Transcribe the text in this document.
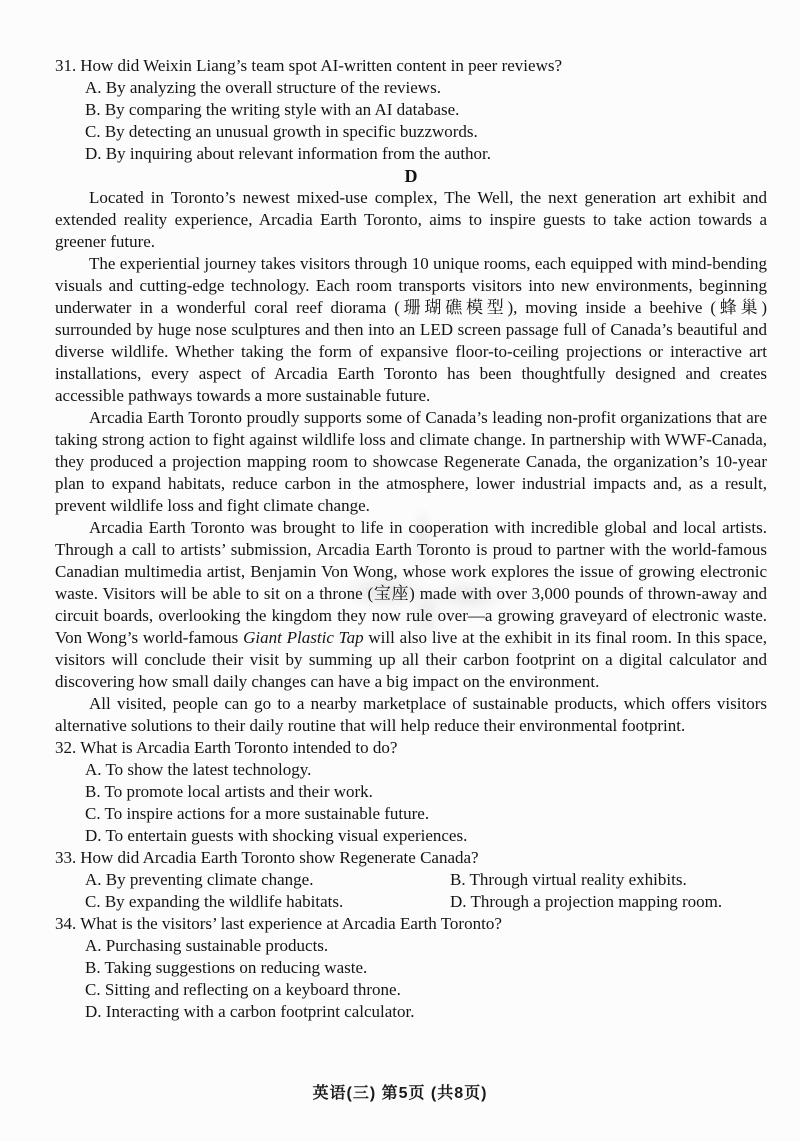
31. How did Weixin Liang’s team spot AI-written content in peer reviews?
A. By analyzing the overall structure of the reviews.
B. By comparing the writing style with an AI database.
C. By detecting an unusual growth in specific buzzwords.
D. By inquiring about relevant information from the author.
D

Located in Toronto’s newest mixed-use complex, The Well, the next generation art exhibit and extended reality experience, Arcadia Earth Toronto, aims to inspire guests to take action towards a greener future.

The experiential journey takes visitors through 10 unique rooms, each equipped with mind-bending visuals and cutting-edge technology. Each room transports visitors into new environments, beginning underwater in a wonderful coral reef diorama (珊瑚礁模型), moving inside a beehive (蜂巢) surrounded by huge nose sculptures and then into an LED screen passage full of Canada’s beautiful and diverse wildlife. Whether taking the form of expansive floor-to-ceiling projections or interactive art installations, every aspect of Arcadia Earth Toronto has been thoughtfully designed and creates accessible pathways towards a more sustainable future.

Arcadia Earth Toronto proudly supports some of Canada’s leading non-profit organizations that are taking strong action to fight against wildlife loss and climate change. In partnership with WWF-Canada, they produced a projection mapping room to showcase Regenerate Canada, the organization’s 10-year plan to expand habitats, reduce carbon in the atmosphere, lower industrial impacts and, as a result, prevent wildlife loss and fight climate change.

Arcadia Earth Toronto was brought to life in cooperation with incredible global and local artists. Through a call to artists’ submission, Arcadia Earth Toronto is proud to partner with the world-famous Canadian multimedia artist, Benjamin Von Wong, whose work explores the issue of growing electronic waste. Visitors will be able to sit on a throne (宝座) made with over 3,000 pounds of thrown-away and circuit boards, overlooking the kingdom they now rule over—a growing graveyard of electronic waste. Von Wong’s world-famous Giant Plastic Tap will also live at the exhibit in its final room. In this space, visitors will conclude their visit by summing up all their carbon footprint on a digital calculator and discovering how small daily changes can have a big impact on the environment.

All visited, people can go to a nearby marketplace of sustainable products, which offers visitors alternative solutions to their daily routine that will help reduce their environmental footprint.

32. What is Arcadia Earth Toronto intended to do?
A. To show the latest technology.
B. To promote local artists and their work.
C. To inspire actions for a more sustainable future.
D. To entertain guests with shocking visual experiences.
33. How did Arcadia Earth Toronto show Regenerate Canada?
A. By preventing climate change.	B. Through virtual reality exhibits.
C. By expanding the wildlife habitats.	D. Through a projection mapping room.
34. What is the visitors’ last experience at Arcadia Earth Toronto?
A. Purchasing sustainable products.
B. Taking suggestions on reducing waste.
C. Sitting and reflecting on a keyboard throne.
D. Interacting with a carbon footprint calculator.
英语(三) 第5页 (共8页)
